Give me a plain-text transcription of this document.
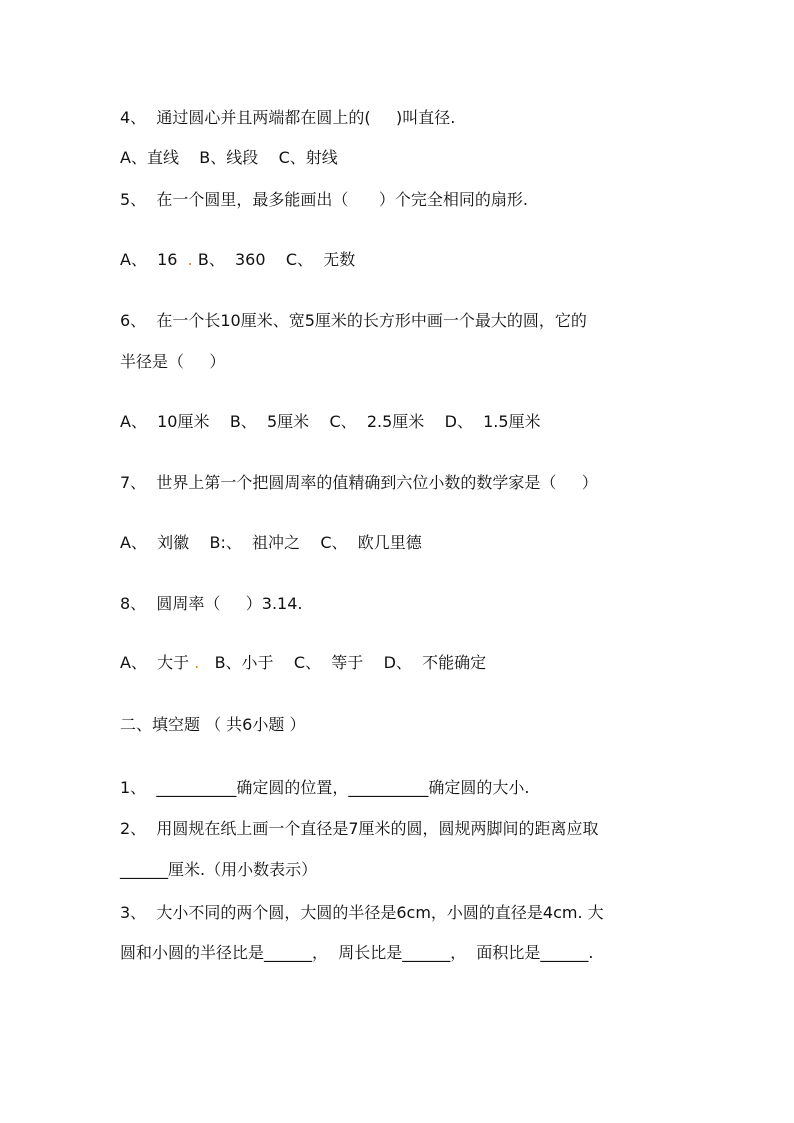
4、  通过圆心并且两端都在圆上的(     )叫直径.
A、直线    B、线段    C、射线
5、  在一个圆里，最多能画出（      ）个完全相同的扇形.
A、  16  . B、  360    C、  无数
6、  在一个长10厘米、宽5厘米的长方形中画一个最大的圆，它的
半径是（     ）
A、  10厘米    B、  5厘米    C、  2.5厘米    D、  1.5厘米
7、  世界上第一个把圆周率的值精确到六位小数的数学家是（     ）
A、  刘徽    B:、  祖冲之    C、  欧几里德
8、  圆周率（     ）3.14.
A、  大于 .   B、小于    C、  等于    D、  不能确定
二、填空题 （ 共6小题 ）
1、  __________确定圆的位置，__________确定圆的大小.
2、  用圆规在纸上画一个直径是7厘米的圆，圆规两脚间的距离应取
______厘米.（用小数表示）
3、  大小不同的两个圆，大圆的半径是6cm，小圆的直径是4cm. 大
圆和小圆的半径比是______，  周长比是______，  面积比是______.
